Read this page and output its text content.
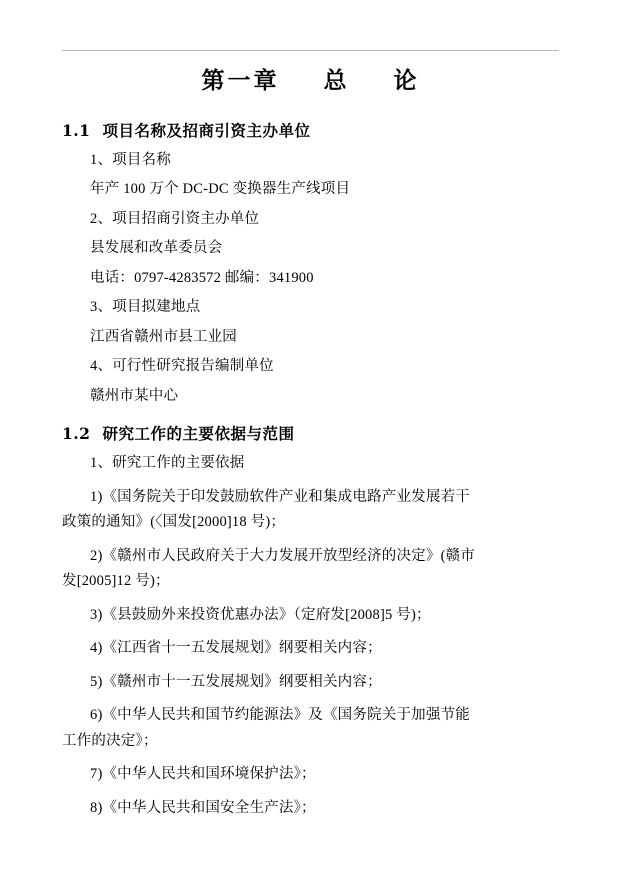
第一章    总    论
1.1 项目名称及招商引资主办单位

1、项目名称

年产 100 万个 DC-DC 变换器生产线项目

2、项目招商引资主办单位

县发展和改革委员会

电话：0797-4283572 邮编：341900

3、项目拟建地点

江西省赣州市县工业园

4、可行性研究报告编制单位

赣州市某中心

1.2 研究工作的主要依据与范围

1、研究工作的主要依据

1)《国务院关于印发鼓励软件产业和集成电路产业发展若干

政策的通知》(〈国发[2000]18 号)；

2)《赣州市人民政府关于大力发展开放型经济的决定》(赣市

发[2005]12 号)；

3)《县鼓励外来投资优惠办法》（定府发[2008]5 号)；

4)《江西省十一五发展规划》纲要相关内容；

5)《赣州市十一五发展规划》纲要相关内容；

6)《中华人民共和国节约能源法》及《国务院关于加强节能

工作的决定》；

7)《中华人民共和国环境保护法》；

8)《中华人民共和国安全生产法》；
